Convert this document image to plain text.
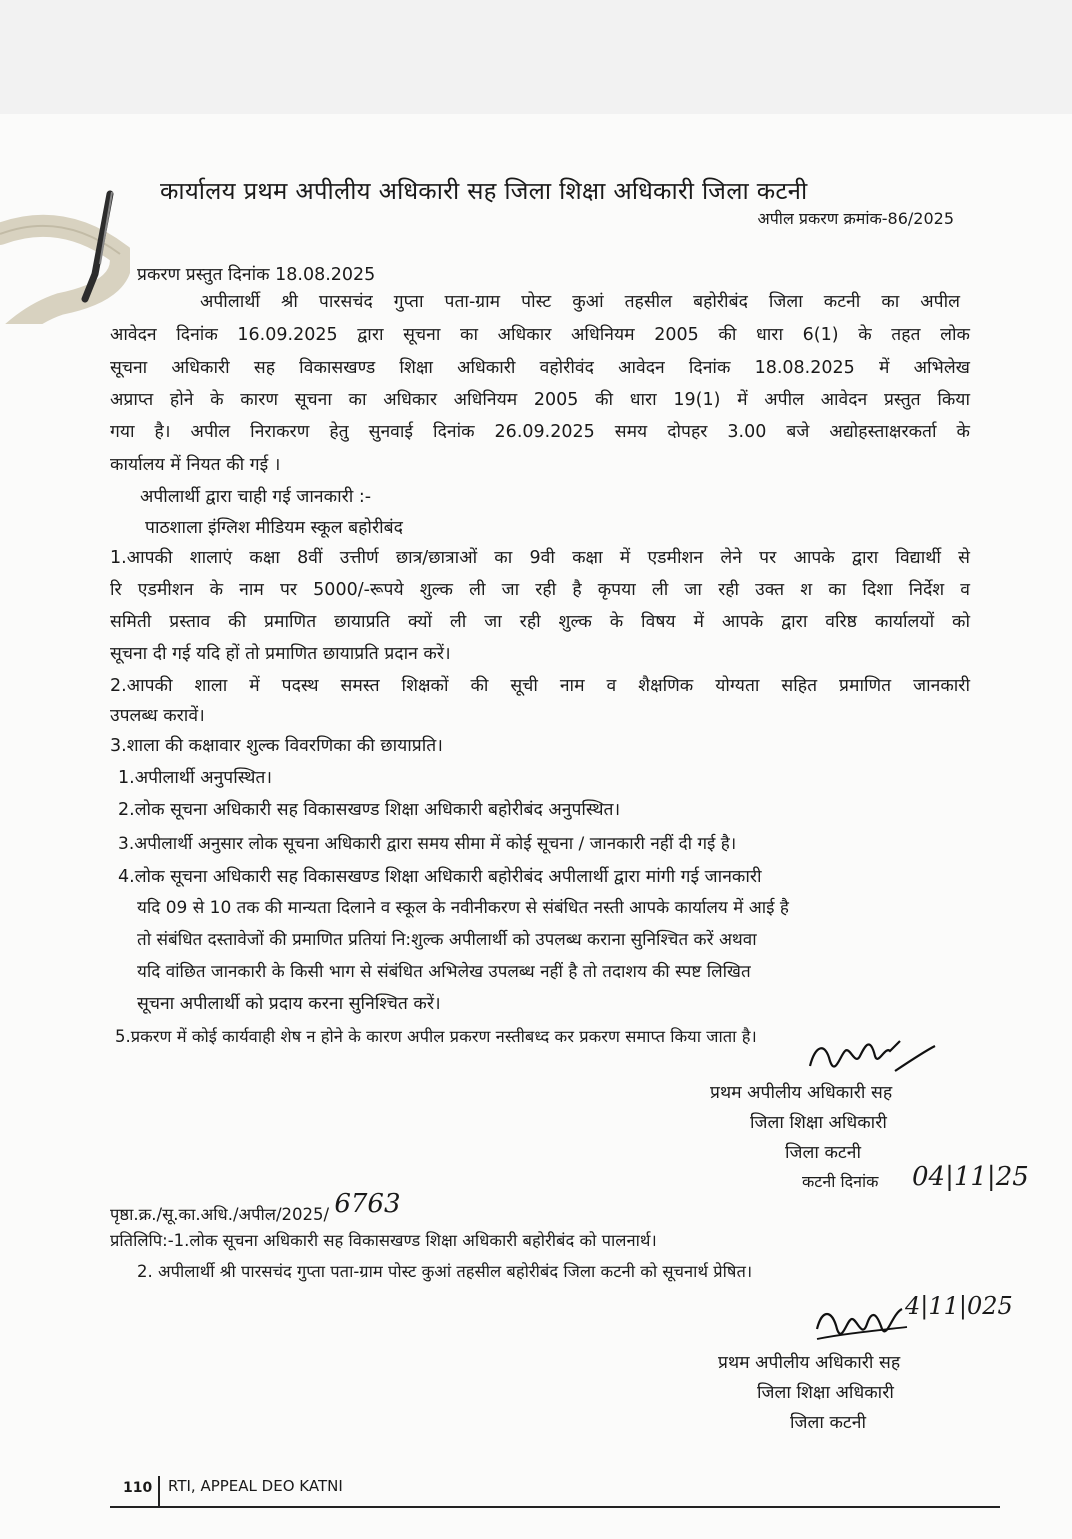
कार्यालय प्रथम अपीलीय अधिकारी सह जिला शिक्षा अधिकारी जिला कटनी
अपील प्रकरण क्रमांक-86/2025
प्रकरण प्रस्तुत दिनांक 18.08.2025
अपीलार्थी श्री पारसचंद गुप्ता पता-ग्राम पोस्ट कुआं तहसील बहोरीबंद जिला कटनी का अपील
आवेदन दिनांक 16.09.2025 द्वारा सूचना का अधिकार अधिनियम 2005 की धारा 6(1) के तहत लोक
सूचना अधिकारी सह विकासखण्ड शिक्षा अधिकारी वहोरीवंद आवेदन दिनांक 18.08.2025 में अभिलेख
अप्राप्त होने के कारण सूचना का अधिकार अधिनियम 2005 की धारा 19(1) में अपील आवेदन प्रस्तुत किया
गया है। अपील निराकरण हेतु सुनवाई दिनांक 26.09.2025 समय दोपहर 3.00 बजे अद्योहस्ताक्षरकर्ता के
कार्यालय में नियत की गई ।
अपीलार्थी द्वारा चाही गई जानकारी :-
पाठशाला इंग्लिश मीडियम स्कूल बहोरीबंद
1.आपकी शालाएं कक्षा 8वीं उत्तीर्ण छात्र/छात्राओं का 9वी कक्षा में एडमीशन लेने पर आपके द्वारा विद्यार्थी से
रि एडमीशन के नाम पर 5000/-रूपये शुल्क ली जा रही है कृपया ली जा रही उक्त श का दिशा निर्देश व
समिती प्रस्ताव की प्रमाणित छायाप्रति क्यों ली जा रही शुल्क के विषय में आपके द्वारा वरिष्ठ कार्यालयों को
सूचना दी गई यदि हों तो प्रमाणित छायाप्रति प्रदान करें।
2.आपकी शाला में पदस्थ समस्त शिक्षकों की सूची नाम व शैक्षणिक योग्यता सहित प्रमाणित जानकारी
उपलब्ध करावें।
3.शाला की कक्षावार शुल्क विवरणिका की छायाप्रति।
1.अपीलार्थी अनुपस्थित।
2.लोक सूचना अधिकारी सह विकासखण्ड शिक्षा अधिकारी बहोरीबंद अनुपस्थित।
3.अपीलार्थी अनुसार लोक सूचना अधिकारी द्वारा समय सीमा में कोई सूचना / जानकारी नहीं दी गई है।
4.लोक सूचना अधिकारी सह विकासखण्ड शिक्षा अधिकारी बहोरीबंद अपीलार्थी द्वारा मांगी गई जानकारी
यदि 09 से 10 तक की मान्यता दिलाने व स्कूल के नवीनीकरण से संबंधित नस्ती आपके कार्यालय में आई है
तो संबंधित दस्तावेजों की प्रमाणित प्रतियां नि:शुल्क अपीलार्थी को उपलब्ध कराना सुनिश्चित करें अथवा
यदि वांछित जानकारी के किसी भाग से संबंधित अभिलेख उपलब्ध नहीं है तो तदाशय की स्पष्ट लिखित
सूचना अपीलार्थी को प्रदाय करना सुनिश्चित करें।
5.प्रकरण में कोई कार्यवाही शेष न होने के कारण अपील प्रकरण नस्तीबध्द कर प्रकरण समाप्त किया जाता है।
प्रथम अपीलीय अधिकारी सह
जिला शिक्षा अधिकारी
जिला कटनी
कटनी दिनांक 04|11|25
पृष्ठा.क्र./सू.का.अधि./अपील/2025/ 6763
प्रतिलिपि:-1.लोक सूचना अधिकारी सह विकासखण्ड शिक्षा अधिकारी बहोरीबंद को पालनार्थ।
2. अपीलार्थी श्री पारसचंद गुप्ता पता-ग्राम पोस्ट कुआं तहसील बहोरीबंद जिला कटनी को सूचनार्थ प्रेषित।
4|11|025
प्रथम अपीलीय अधिकारी सह
जिला शिक्षा अधिकारी
जिला कटनी
110 RTI, APPEAL DEO KATNI
